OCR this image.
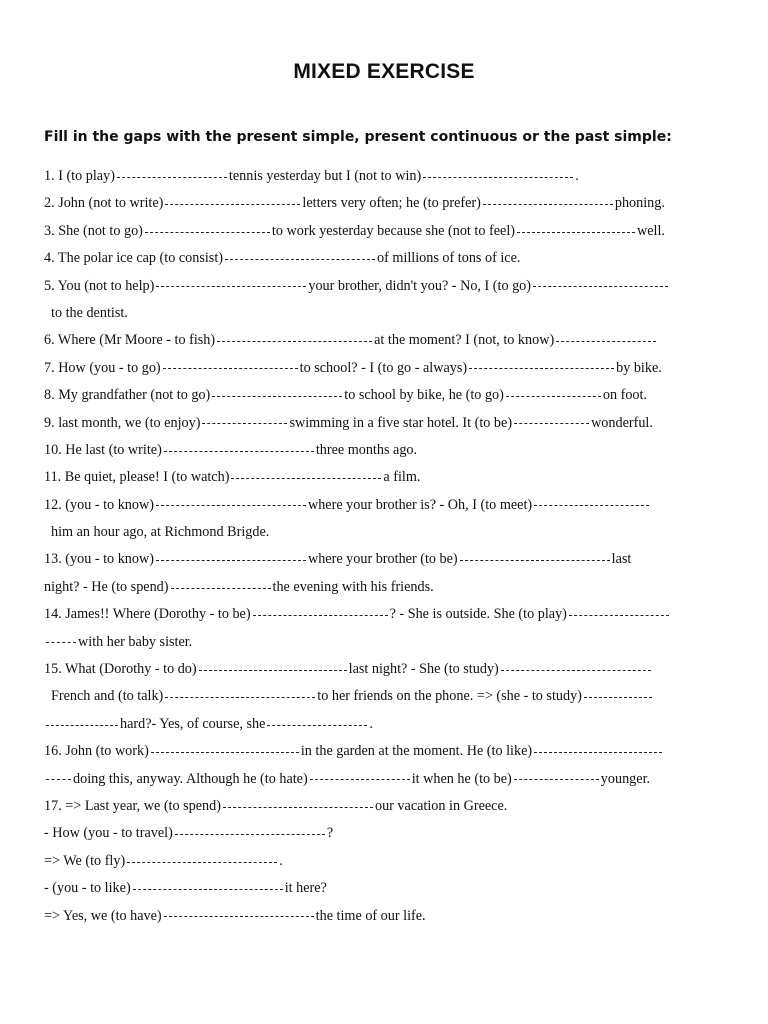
MIXED EXERCISE
Fill in the gaps with the present simple, present continuous or the past simple:
1. I (to play)	tennis yesterday but I (not to win)	.
2. John (not to write)	letters very often; he (to prefer)	phoning.
3. She (not to go)	to work yesterday because she (not to feel)	well.
4. The polar ice cap (to consist)	of millions of tons of ice.
5. You (not to help)	your brother, didn't you? - No, I (to go)
to the dentist.
6. Where (Mr Moore - to fish)	at the moment? I (not, to know)
7. How (you - to go)	to school? - I (to go - always)	by bike.
8. My grandfather (not to go)	to school by bike, he (to go)	on foot.
9. last month, we (to enjoy)	swimming in a five star hotel. It (to be)	wonderful.
10. He last (to write)	three months ago.
11. Be quiet, please! I (to watch)	a film.
12. (you - to know)	where your brother is? - Oh, I (to meet)
him an hour ago, at Richmond Brigde.
13. (you - to know)	where your brother (to be)	last
night? - He (to spend)	the evening with his friends.
14. James!! Where (Dorothy - to be)	? - She is outside. She (to play)
with her baby sister.
15. What (Dorothy - to do)	last night? - She (to study)
French and (to talk)	to her friends on the phone. => (she - to study)
hard?- Yes, of course, she	.
16. John (to work)	in the garden at the moment. He (to like)
doing this, anyway. Although he (to hate)	it when he (to be)	younger.
17. => Last year, we (to spend)	our vacation in Greece.
- How (you - to travel)	?
=> We (to fly)	.
- (you - to like)	it here?
=> Yes, we (to have)	the time of our life.
